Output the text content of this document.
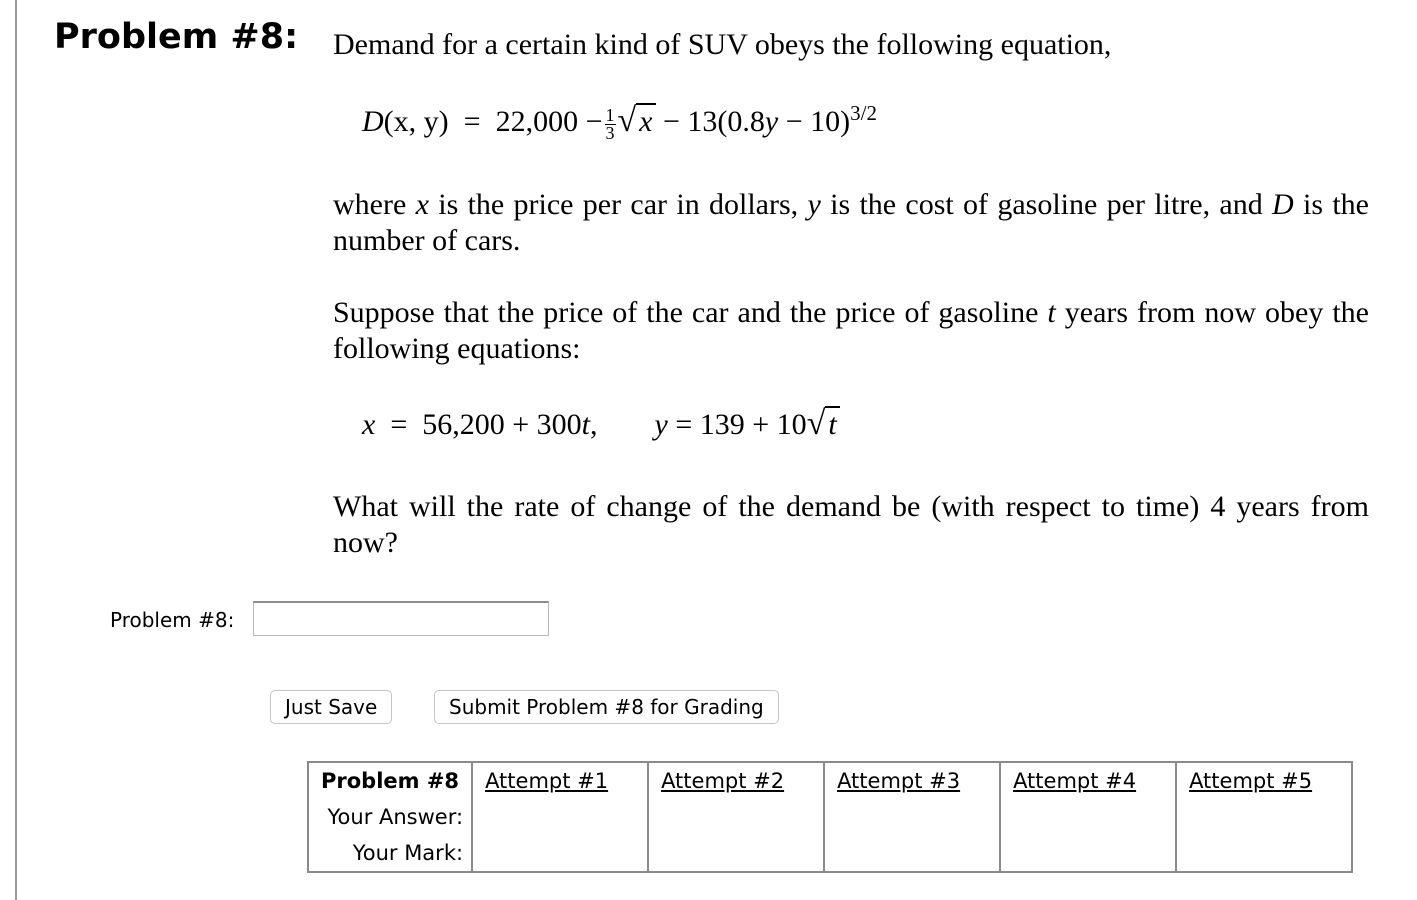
Problem #8: Demand for a certain kind of SUV obeys the following equation,
D(x, $y) = 22,000 - \frac{1}{3}$ √ $x - 13(0.8y - 10)^{3/2}$
where x is the price per car in dollars, y is the cost of gasoline per litre, and D is the number of cars.
Suppose that the price of the car and the price of gasoline t years from now obey the following equations:
x = 56,200 + 300t, y = 139 + 10√ t
What will the rate of change of the demand be (with respect to time) 4 years from now?
Problem #8:
Just Save	Submit Problem #8 for Grading
Problem #8	Attempt #1	Attempt #2	Attempt #3	Attempt #4	Attempt #5
Your Answer:					
Your Mark:					
